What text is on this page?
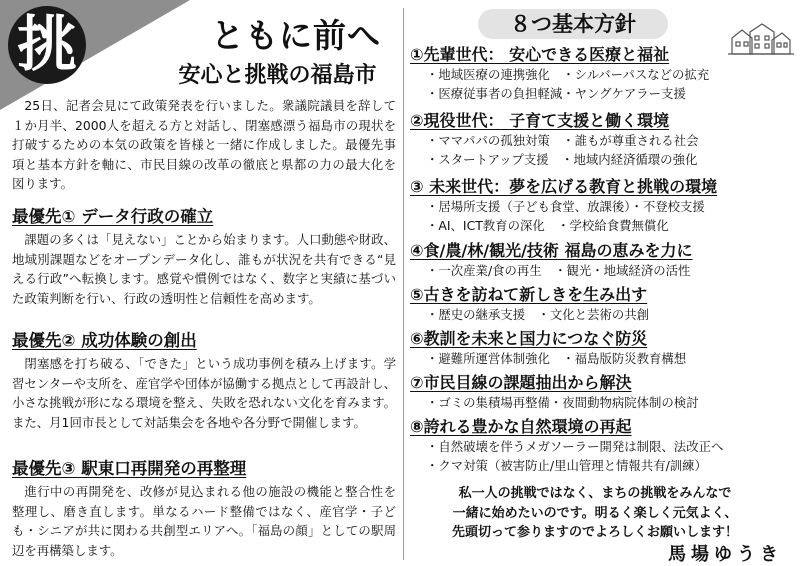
挑	ともに前へ
安心と挑戦の福島市
25日、記者会見にて政策発表を行いました。衆議院議員を辞して１か月半、2000人を超える方と対話し、閉塞感漂う福島市の現状を打破するための本気の政策を皆様と一緒に作成しました。最優先事項と基本方針を軸に、市民目線の改革の徹底と県都の力の最大化を図ります。
最優先① データ行政の確立

課題の多くは「見えない」ことから始まります。人口動態や財政、地域別課題などをオープンデータ化し、誰もが状況を共有できる“見える行政”へ転換します。感覚や慣例ではなく、数字と実績に基づいた政策判断を行い、行政の透明性と信頼性を高めます。

最優先② 成功体験の創出

閉塞感を打ち破る、「できた」という成功事例を積み上げます。学習センターや支所を、産官学や団体が協働する拠点として再設計し、小さな挑戦が形になる環境を整え、失敗を恐れない文化を育みます。また、月1回市長として対話集会を各地や各分野で開催します。

最優先③ 駅東口再開発の再整理

進行中の再開発を、改修が見込まれる他の施設の機能と整合性を整理し、磨き直します。単なるハード整備ではなく、産官学・子ども・シニアが共に関わる共創型エリアへ。「福島の顔」としての駅周辺を再構築します。

８つ基本方針
①先輩世代： 安心できる医療と福祉
・地域医療の連携強化　・シルバーパスなどの拡充
・医療従事者の負担軽減・ヤングケアラー支援
②現役世代： 子育て支援と働く環境
・ママパパの孤独対策　・誰もが尊重される社会
・スタートアップ支援　・地域内経済循環の強化
③ 未来世代：夢を広げる教育と挑戦の環境
・居場所支援（子ども食堂、放課後）・不登校支援
・AI、ICT教育の深化　・学校給食費無償化
④食/農/林/観光/技術 福島の恵みを力に
・一次産業/食の再生　・観光・地域経済の活性
⑤古きを訪ねて新しきを生み出す
・歴史の継承支援　・文化と芸術の共創
⑥教訓を未来と国力につなぐ防災
・避難所運営体制強化　・福島版防災教育構想
⑦市民目線の課題抽出から解決
・ゴミの集積場再整備・夜間動物病院体制の検討
⑧誇れる豊かな自然環境の再起
・自然破壊を伴うメガソーラー開発は制限、法改正へ
・クマ対策（被害防止/里山管理と情報共有/訓練）
私一人の挑戦ではなく、まちの挑戦をみんなで
一緒に始めたいのです。明るく楽しく元気よく、
先頭切って参りますのでよろしくお願いします！
馬場ゆうき
